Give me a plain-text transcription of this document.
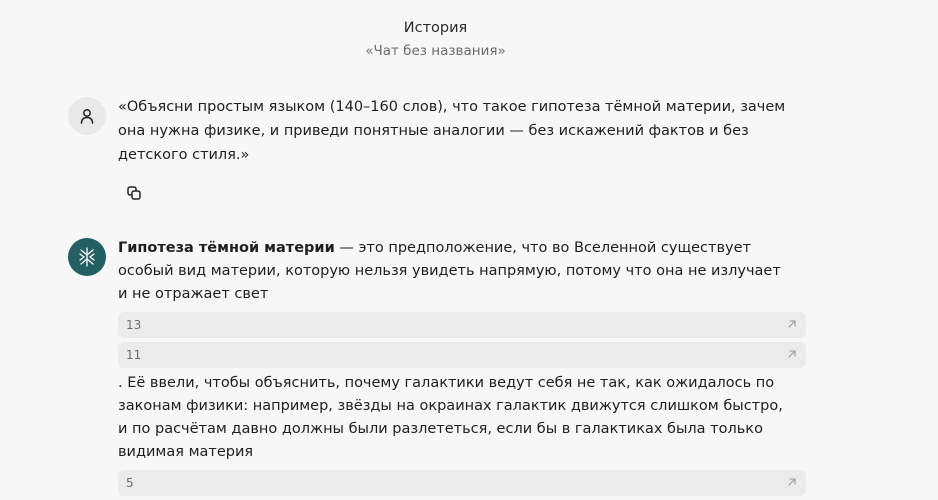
История
«Чат без названия»
«Объясни простым языком (140–160 слов), что такое гипотеза тёмной материи, зачем она нужна физике, и приведи понятные аналогии — без искажений фактов и без детского стиля.»

Гипотеза тёмной материи — это предположение, что во Вселенной существует особый вид материи, которую нельзя увидеть напрямую, потому что она не излучает и не отражает свет

13
11

. Её ввели, чтобы объяснить, почему галактики ведут себя не так, как ожидалось по законам физики: например, звёзды на окраинах галактик движутся слишком быстро, и по расчётам давно должны были разлететься, если бы в галактиках была только видимая материя

5
